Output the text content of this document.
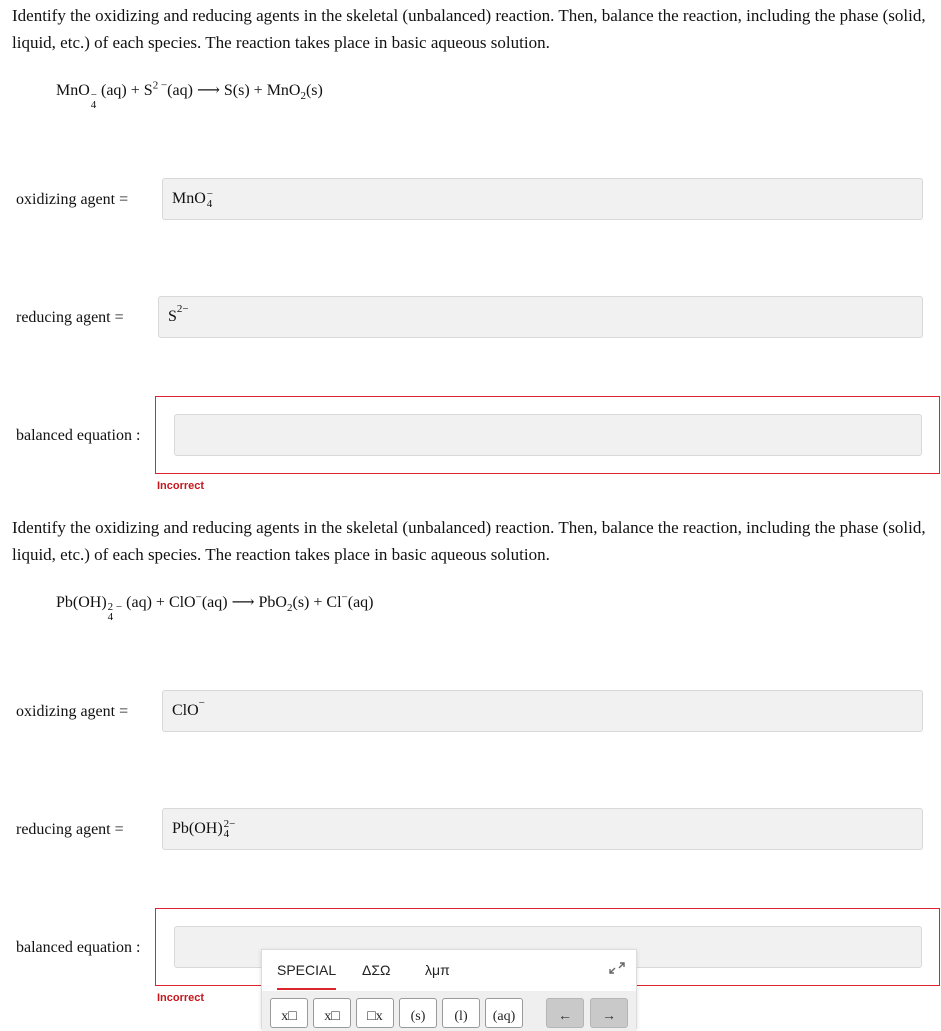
Identify the oxidizing and reducing agents in the skeletal (unbalanced) reaction. Then, balance the reaction, including the phase (solid, liquid, etc.) of each species. The reaction takes place in basic aqueous solution.
MnO −
4
$(aq) + S^{2 -}(aq)$ ⟶ S(s) + MnO$_2$(s)
oxidizing agent =	MnO −
4
reducing agent =	S 2−
balanced equation :
Incorrect
Identify the oxidizing and reducing agents in the skeletal (unbalanced) reaction. Then, balance the reaction, including the phase (solid, liquid, etc.) of each species. The reaction takes place in basic aqueous solution.
Pb(OH) 2 −
4
(aq) + ClO−(aq) ⟶ PbO$_2$(s) + Cl−(aq)
oxidizing agent =	ClO −
reducing agent =	Pb(OH) 2−
4
balanced equation :
Incorrect
SPECIAL ΔΣΩ λμπ
x□	x□	□x	(s)	(l)	(aq)	←	→
